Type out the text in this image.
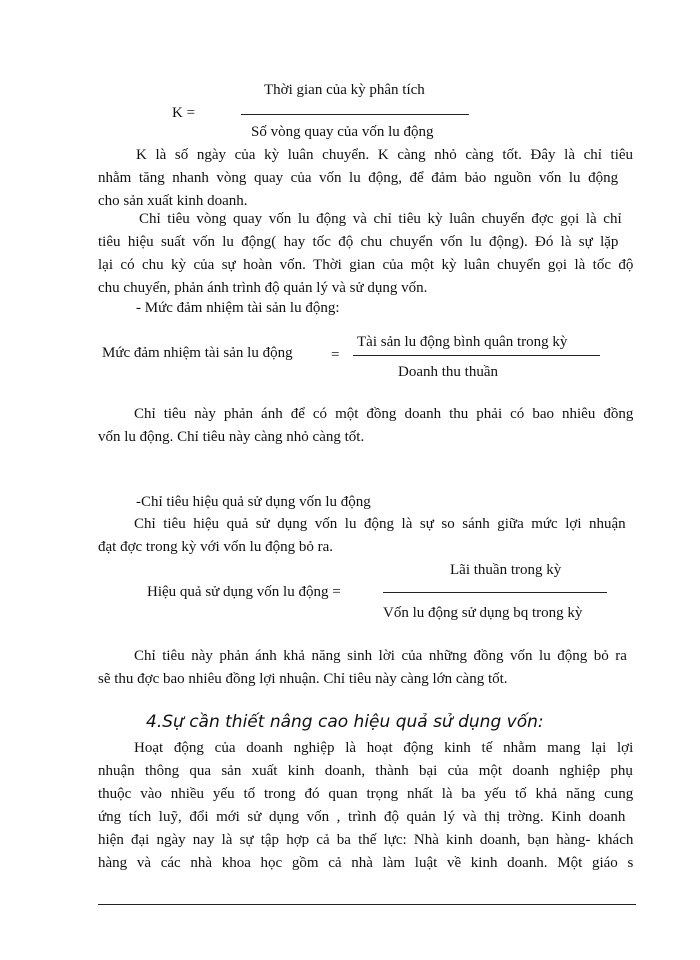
K =
Thời gian của kỳ phân tích
Số vòng quay của vốn lu động
K là số ngày của kỳ luân chuyển. K càng nhỏ càng tốt. Đây là chỉ tiêu
nhằm tăng nhanh vòng quay của vốn lu động, để đảm bảo nguồn vốn lu động
cho sản xuất kinh doanh.
Chỉ tiêu vòng quay vốn lu động và chỉ tiêu kỳ luân chuyển đợc gọi là chỉ
tiêu hiệu suất vốn lu động( hay tốc độ chu chuyển vốn lu động). Đó là sự lặp
lại có chu kỳ của sự hoàn vốn. Thời gian của một kỳ luân chuyển gọi là tốc độ
chu chuyển, phản ánh trình độ quản lý và sử dụng vốn.
- Mức đảm nhiệm tài sản lu động:
Mức đảm nhiệm tài sản lu động	=
Tài sản lu động bình quân trong kỳ
Doanh thu thuần
Chỉ tiêu này phản ánh để có một đồng doanh thu phải có bao nhiêu đồng
vốn lu động. Chỉ tiêu này càng nhỏ càng tốt.
-Chỉ tiêu hiệu quả sử dụng vốn lu động
Chỉ tiêu hiệu quả sử dụng vốn lu động là sự so sánh giữa mức lợi nhuận
đạt đợc trong kỳ với vốn lu động bỏ ra.
Lãi thuần trong kỳ
Hiệu quả sử dụng vốn lu động =
Vốn lu động sử dụng bq trong kỳ
Chỉ tiêu này phản ánh khả năng sinh lời của những đồng vốn lu động bỏ ra
sẽ thu đợc bao nhiêu đồng lợi nhuận. Chỉ tiêu này càng lớn càng tốt.
4.Sự cần thiết nâng cao hiệu quả sử dụng vốn:
Hoạt động của doanh nghiệp là hoạt động kinh tế nhằm mang lại lợi
nhuận thông qua sản xuất kinh doanh, thành bại của một doanh nghiệp phụ
thuộc vào nhiều yếu tố trong đó quan trọng nhất là ba yếu tố khả năng cung
ứng tích luỹ, đổi mới sử dụng vốn , trình độ quản lý và thị trờng. Kinh doanh
hiện đại ngày nay là sự tập hợp cả ba thế lực: Nhà kinh doanh, bạn hàng- khách
hàng và các nhà khoa học gồm cả nhà làm luật về kinh doanh. Một giáo s
